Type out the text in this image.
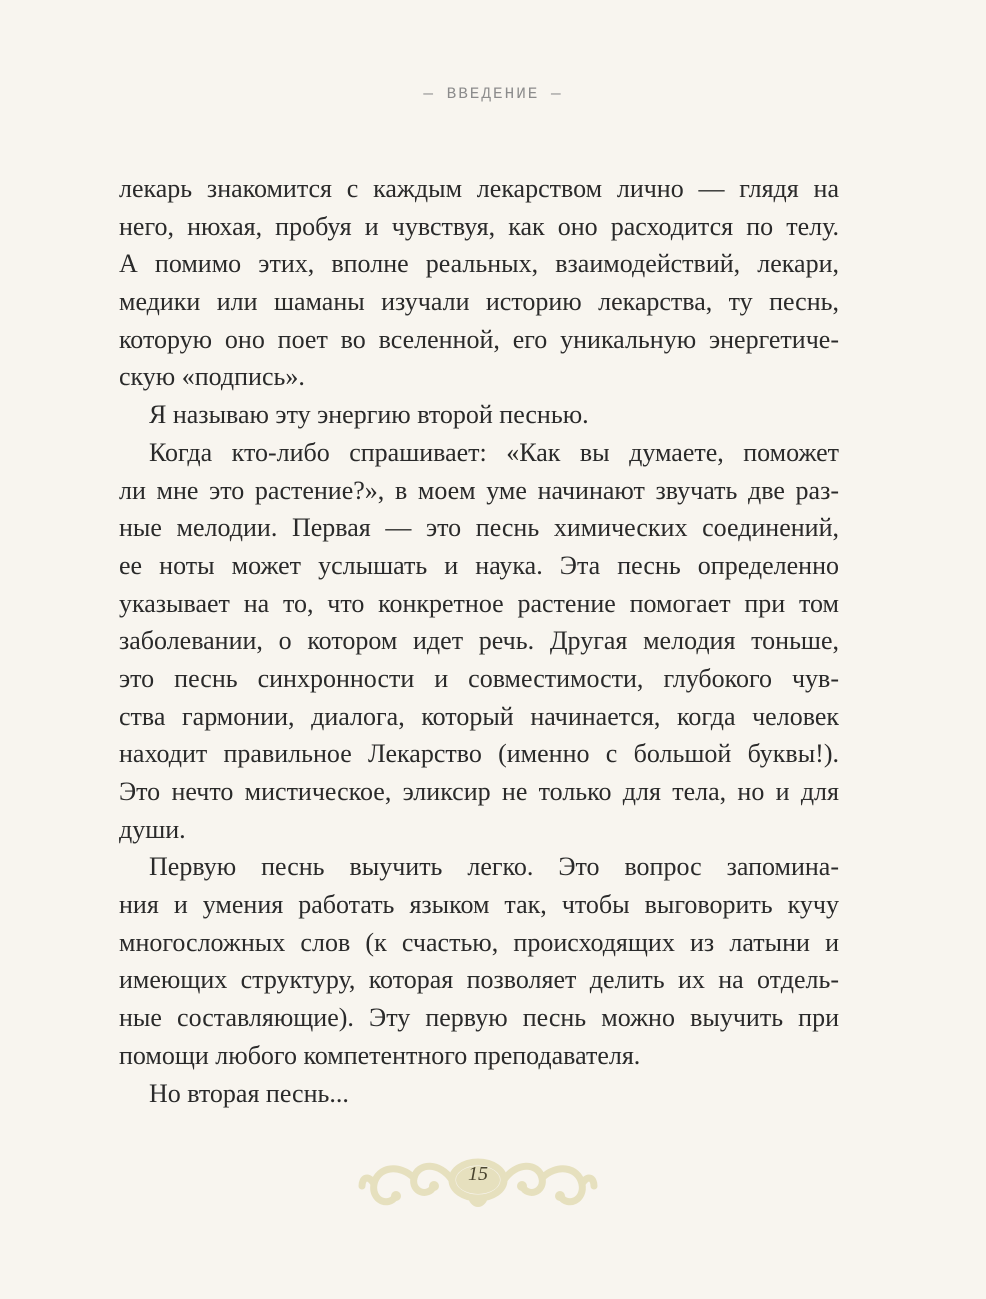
— ВВЕДЕНИЕ —
лекарь знакомится с каждым лекарством лично — глядя на
него, нюхая, пробуя и чувствуя, как оно расходится по телу.
А помимо этих, вполне реальных, взаимодействий, лекари,
медики или шаманы изучали историю лекарства, ту песнь,
которую оно поет во вселенной, его уникальную энергетиче-
скую «подпись».
Я называю эту энергию второй песнью.
Когда кто-либо спрашивает: «Как вы думаете, поможет
ли мне это растение?», в моем уме начинают звучать две раз-
ные мелодии. Первая — это песнь химических соединений,
ее ноты может услышать и наука. Эта песнь определенно
указывает на то, что конкретное растение помогает при том
заболевании, о котором идет речь. Другая мелодия тоньше,
это песнь синхронности и совместимости, глубокого чув-
ства гармонии, диалога, который начинается, когда человек
находит правильное Лекарство (именно с большой буквы!).
Это нечто мистическое, эликсир не только для тела, но и для
души.
Первую песнь выучить легко. Это вопрос запомина-
ния и умения работать языком так, чтобы выговорить кучу
многосложных слов (к счастью, происходящих из латыни и
имеющих структуру, которая позволяет делить их на отдель-
ные составляющие). Эту первую песнь можно выучить при
помощи любого компетентного преподавателя.
Но вторая песнь...
15
